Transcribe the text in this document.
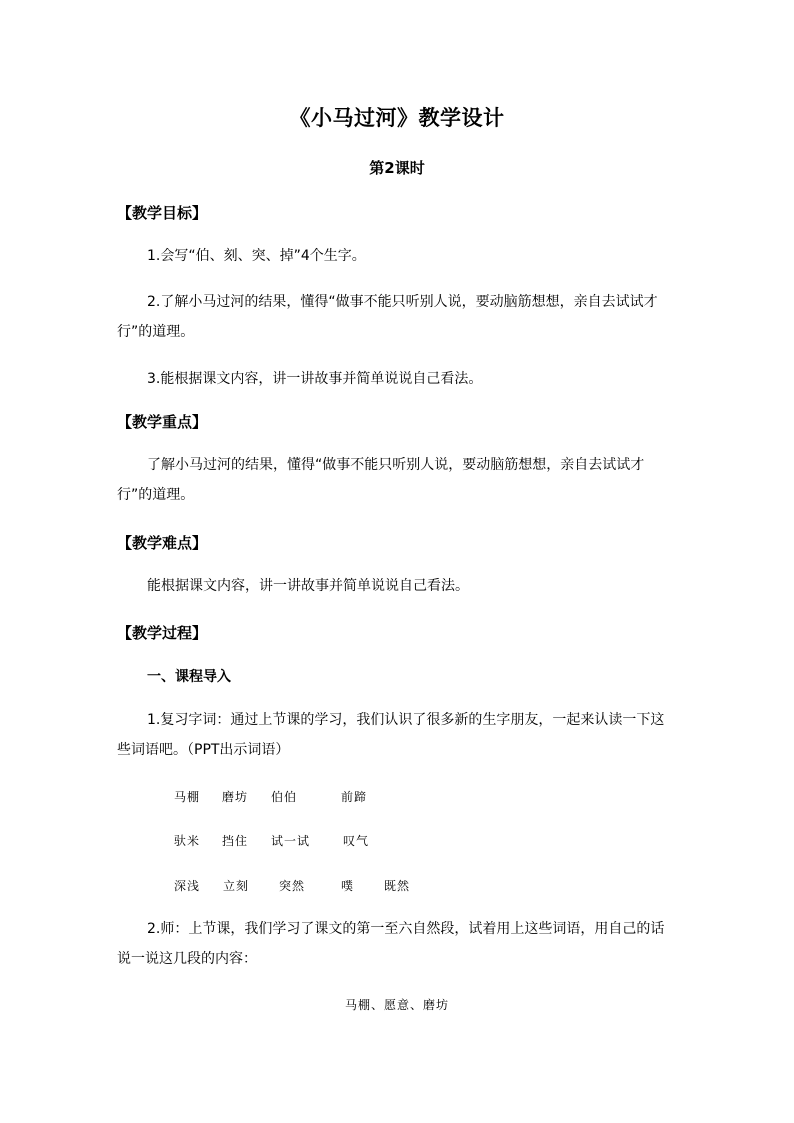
《小马过河》教学设计
第2课时
【教学目标】
1.会写“伯、刻、突、掉”4个生字。
2.了解小马过河的结果，懂得“做事不能只听别人说，要动脑筋想想，亲自去试试才行”的道理。
3.能根据课文内容，讲一讲故事并简单说说自己看法。
【教学重点】
了解小马过河的结果，懂得“做事不能只听别人说，要动脑筋想想，亲自去试试才行”的道理。
【教学难点】
能根据课文内容，讲一讲故事并简单说说自己看法。
【教学过程】
一、课程导入
1.复习字词：通过上节课的学习，我们认识了很多新的生字朋友，一起来认读一下这些词语吧。（PPT出示词语）
马棚 磨坊 伯伯	前蹄
驮米 挡住 试一试	叹气
深浅 立刻 突然	噗 既然
2.师：上节课，我们学习了课文的第一至六自然段，试着用上这些词语，用自己的话说一说这几段的内容：
马棚、愿意、磨坊
